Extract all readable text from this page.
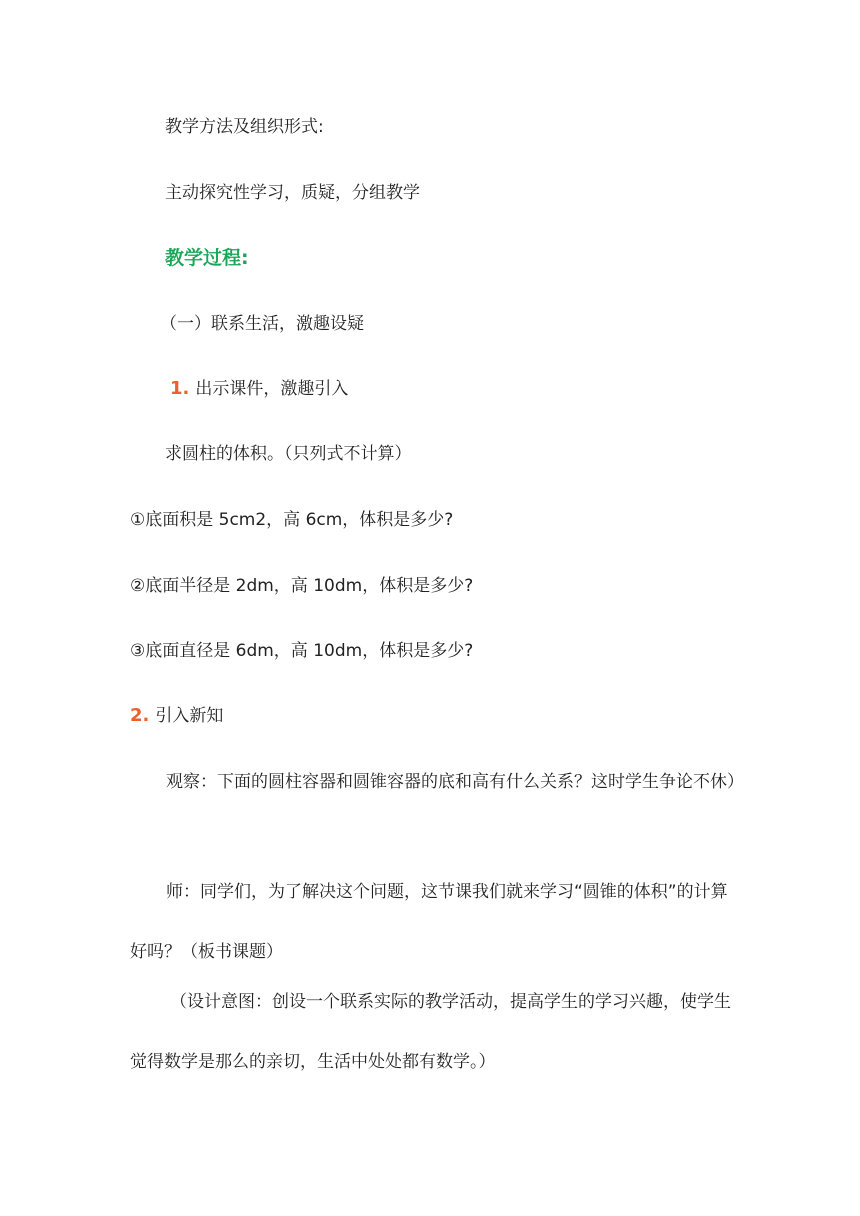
教学方法及组织形式:
主动探究性学习，质疑，分组教学
教学过程:
（一）联系生活，激趣设疑
1. 出示课件，激趣引入
求圆柱的体积。（只列式不计算）
①底面积是 5cm2，高 6cm，体积是多少?
②底面半径是 2dm，高 10dm，体积是多少?
③底面直径是 6dm，高 10dm，体积是多少?
2. 引入新知
观察：下面的圆柱容器和圆锥容器的底和高有什么关系？这时学生争论不休）
师：同学们，为了解决这个问题，这节课我们就来学习“圆锥的体积”的计算好吗？（板书课题）
（设计意图：创设一个联系实际的教学活动，提高学生的学习兴趣，使学生觉得数学是那么的亲切，生活中处处都有数学。）
